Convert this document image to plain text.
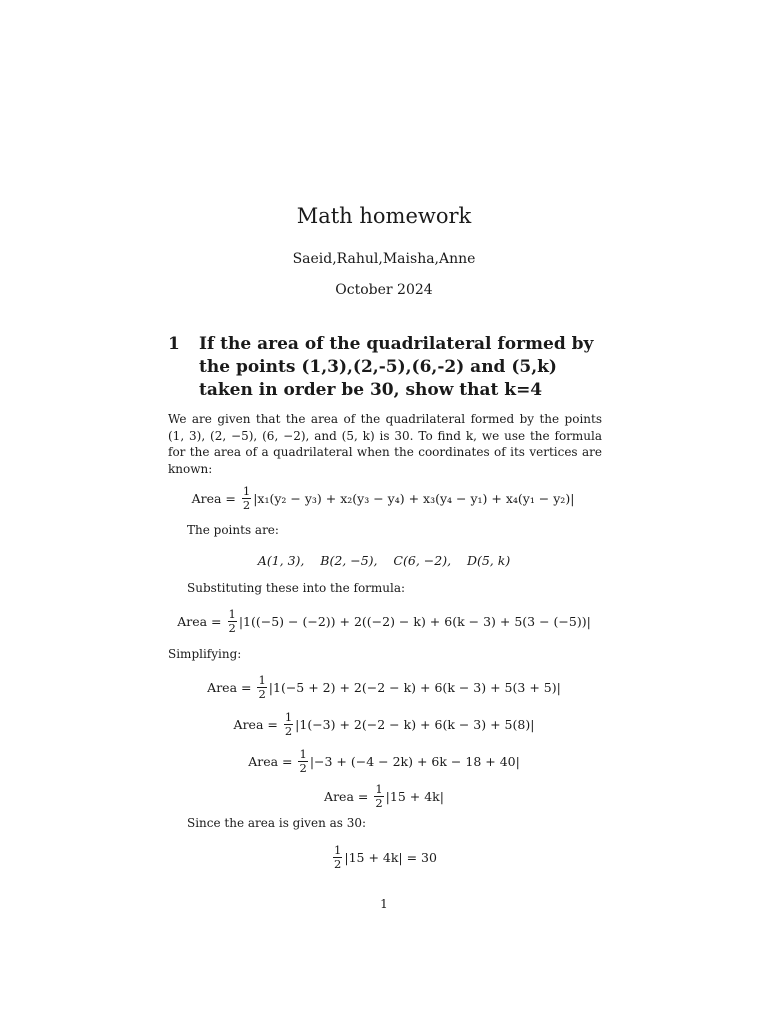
Math homework
Saeid,Rahul,Maisha,Anne
October 2024
1 If the area of the quadrilateral formed by the points (1,3),(2,-5),(6,-2) and (5,k) taken in order be 30, show that k=4
We are given that the area of the quadrilateral formed by the points (1, 3), (2, −5), (6, −2), and (5, k) is 30. To find k, we use the formula for the area of a quadrilateral when the coordinates of its vertices are known:
Area =
$\frac{1}{2} |x_1(y_2 - y_3) + x_2(y_3 - y_4) + x_3(y_4 - y_1) + x_4(y_1 - y_2)|$
The points are:
A(1, 3),    B(2, −5),    C(6, −2),    D(5, k)
Substituting these into the formula:
Area =
$\frac{1}{2} |1((-5) - (-2)) + 2((-2) - k) + 6(k - 3) + 5(3 - (-5))|$
Simplifying:
Area =
$\frac{1}{2} |1(-5 + 2) + 2(-2 - k) + 6(k - 3) + 5(3 + 5)|$
Area =
$\frac{1}{2} |1(-3) + 2(-2 - k) + 6(k - 3) + 5(8)|$
Area =
$\frac{1}{2} |-3 + (-4 - 2k) + 6k - 18 + 40|$
Area =
$\frac{1}{2} |15 + 4k|$
Since the area is given as 30:
$\frac{1}{2} |15 + 4k| = 30$
1
